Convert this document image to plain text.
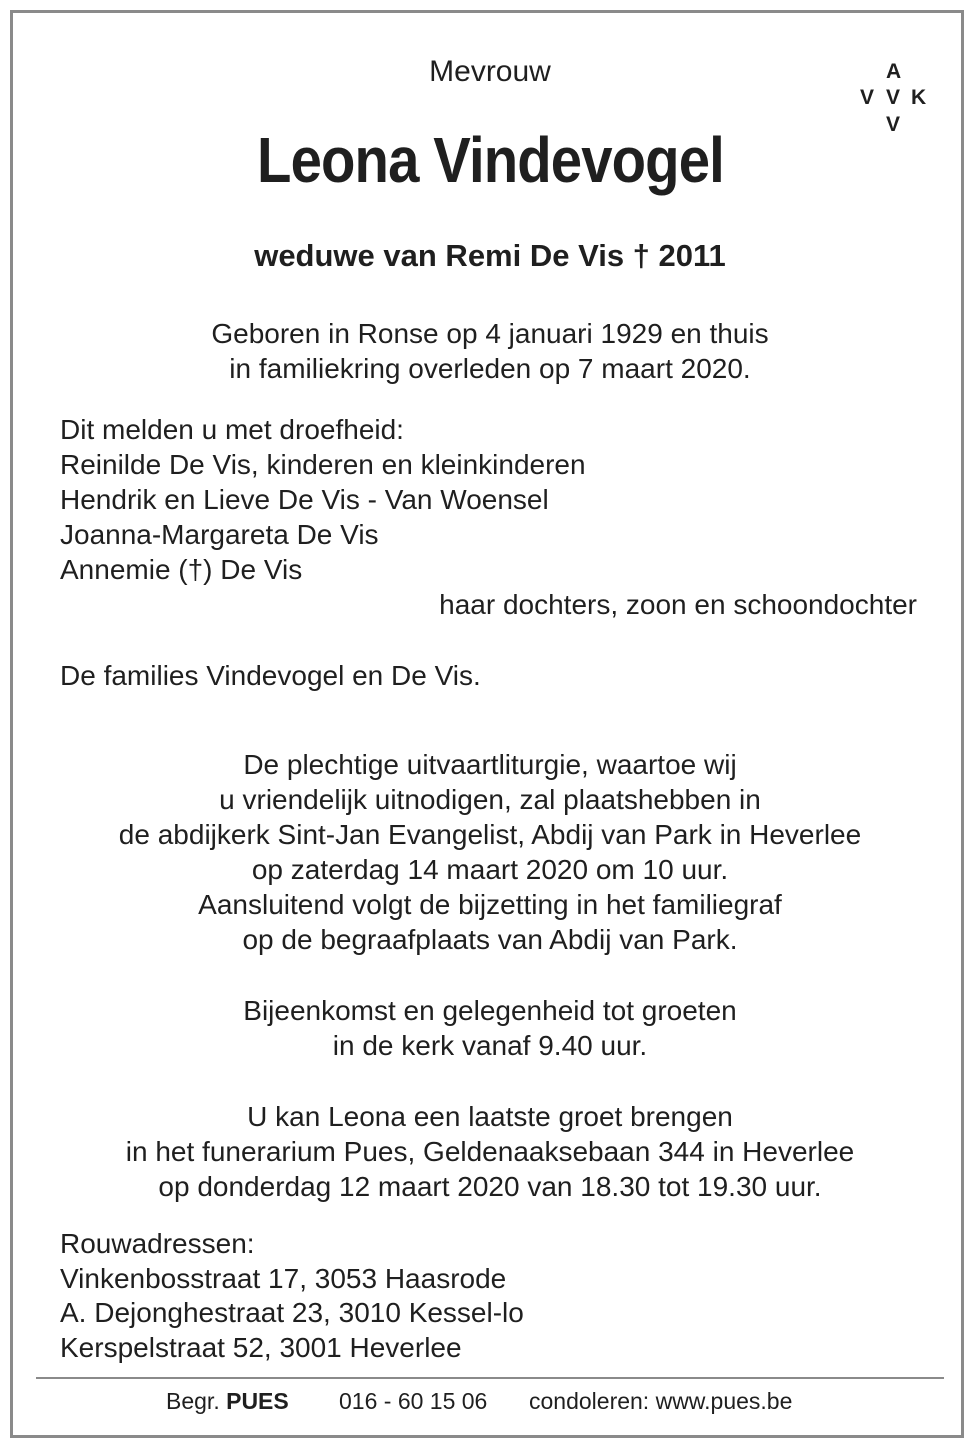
A
V V K
V
Mevrouw
Leona Vindevogel
weduwe van Remi De Vis † 2011
Geboren in Ronse op 4 januari 1929 en thuis
in familiekring overleden op 7 maart 2020.
Dit melden u met droefheid:
Reinilde De Vis, kinderen en kleinkinderen
Hendrik en Lieve De Vis - Van Woensel
Joanna-Margareta De Vis
Annemie (†) De Vis
haar dochters, zoon en schoondochter
De families Vindevogel en De Vis.
De plechtige uitvaartliturgie, waartoe wij
u vriendelijk uitnodigen, zal plaatshebben in
de abdijkerk Sint-Jan Evangelist, Abdij van Park in Heverlee
op zaterdag 14 maart 2020 om 10 uur.
Aansluitend volgt de bijzetting in het familiegraf
op de begraafplaats van Abdij van Park.
Bijeenkomst en gelegenheid tot groeten
in de kerk vanaf 9.40 uur.
U kan Leona een laatste groet brengen
in het funerarium Pues, Geldenaaksebaan 344 in Heverlee
op donderdag 12 maart 2020 van 18.30 tot 19.30 uur.
Rouwadressen:
Vinkenbosstraat 17, 3053 Haasrode
A. Dejonghestraat 23, 3010 Kessel-lo
Kerspelstraat 52, 3001 Heverlee
Begr. PUES 016 - 60 15 06 condoleren: www.pues.be
